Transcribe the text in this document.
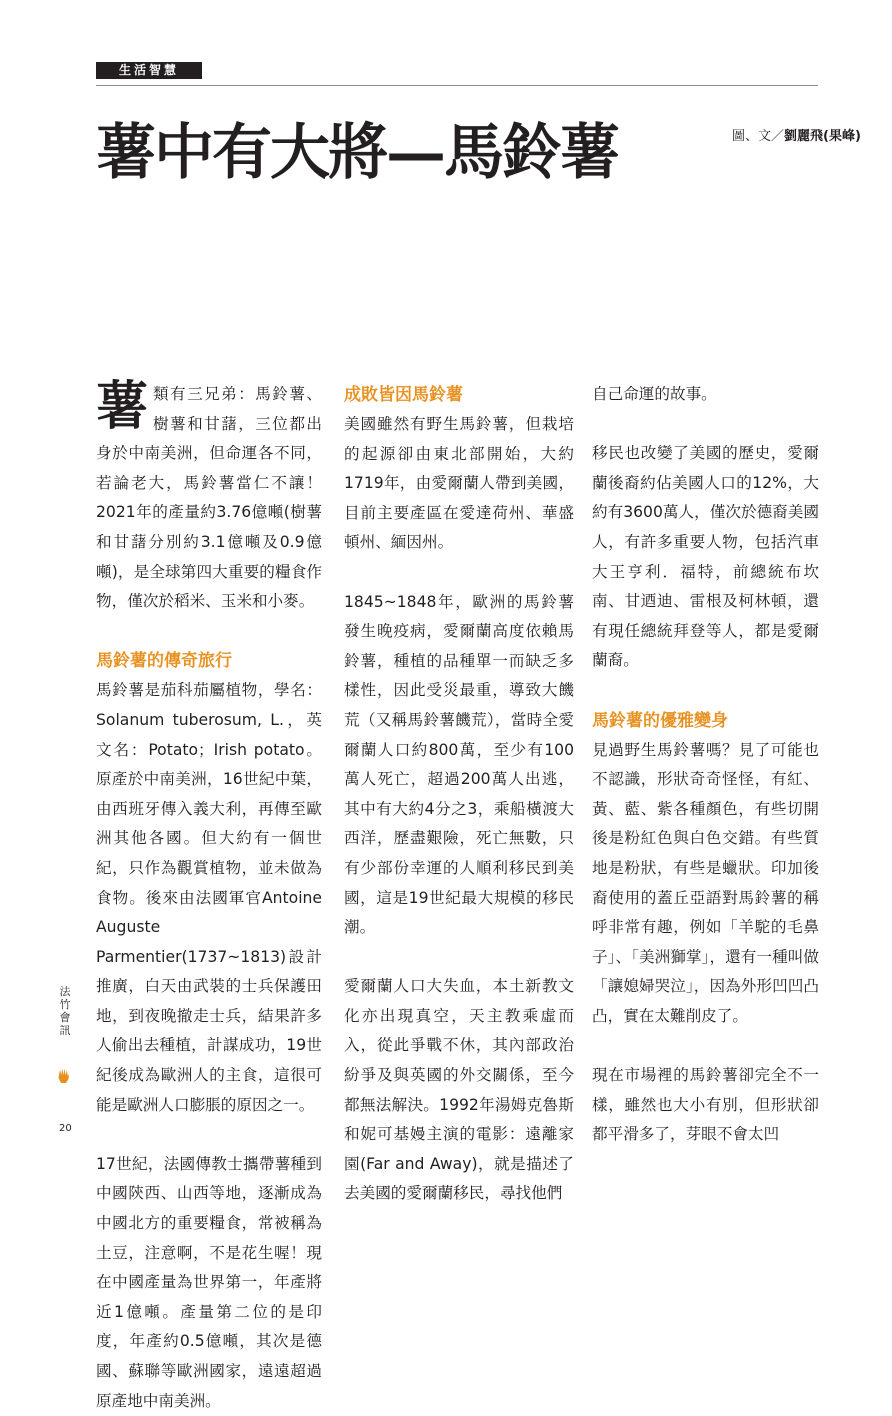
生活智慧
薯中有大將—馬鈴薯	圖、文／劉麗飛(果峰)

薯類有三兄弟：馬鈴薯、樹薯和甘藷，三位都出身於中南美洲，但命運各不同，若論老大，馬鈴薯當仁不讓！2021年的產量約3.76億噸(樹薯和甘藷分別約3.1億噸及0.9億噸)，是全球第四大重要的糧食作物，僅次於稻米、玉米和小麥。

馬鈴薯的傳奇旅行

馬鈴薯是茄科茄屬植物，學名：Solanum tuberosum, L.，英文名：Potato；Irish potato。原產於中南美洲，16世紀中葉，由西班牙傳入義大利，再傳至歐洲其他各國。但大約有一個世紀，只作為觀賞植物，並未做為食物。後來由法國軍官Antoine Auguste Parmentier(1737~1813)設計推廣，白天由武裝的士兵保護田地，到夜晚撤走士兵，結果許多人偷出去種植，計謀成功，19世紀後成為歐洲人的主食，這很可能是歐洲人口膨脹的原因之一。

17世紀，法國傳教士攜帶薯種到中國陝西、山西等地，逐漸成為中國北方的重要糧食，常被稱為土豆，注意啊，不是花生喔！現在中國產量為世界第一，年產將近1億噸。產量第二位的是印度，年產約0.5億噸，其次是德國、蘇聯等歐洲國家，遠遠超過原產地中南美洲。

成敗皆因馬鈴薯

美國雖然有野生馬鈴薯，但栽培的起源卻由東北部開始，大約1719年，由愛爾蘭人帶到美國，目前主要產區在愛達荷州、華盛頓州、緬因州。

1845~1848年，歐洲的馬鈴薯發生晚疫病，愛爾蘭高度依賴馬鈴薯，種植的品種單一而缺乏多樣性，因此受災最重，導致大饑荒（又稱馬鈴薯饑荒），當時全愛爾蘭人口約800萬，至少有100萬人死亡，超過200萬人出逃，其中有大約4分之3，乘船橫渡大西洋，歷盡艱險，死亡無數，只有少部份幸運的人順利移民到美國，這是19世紀最大規模的移民潮。

愛爾蘭人口大失血，本土新教文化亦出現真空，天主教乘虛而入，從此爭戰不休，其內部政治紛爭及與英國的外交關係，至今都無法解決。1992年湯姆克魯斯和妮可基嫚主演的電影：遠離家園(Far and Away)，就是描述了去美國的愛爾蘭移民，尋找他們

自己命運的故事。

移民也改變了美國的歷史，愛爾蘭後裔約佔美國人口的12%，大約有3600萬人，僅次於德裔美國人，有許多重要人物，包括汽車大王亨利．福特，前總統布坎南、甘迺迪、雷根及柯林頓，還有現任總統拜登等人，都是愛爾蘭裔。

馬鈴薯的優雅變身

見過野生馬鈴薯嗎？見了可能也不認識，形狀奇奇怪怪，有紅、黃、藍、紫各種顏色，有些切開後是粉紅色與白色交錯。有些質地是粉狀，有些是蠟狀。印加後裔使用的蓋丘亞語對馬鈴薯的稱呼非常有趣，例如「羊駝的毛鼻子」、「美洲獅掌」，還有一種叫做「讓媳婦哭泣」，因為外形凹凹凸凸，實在太難削皮了。

現在市場裡的馬鈴薯卻完全不一樣，雖然也大小有別，但形狀卻都平滑多了，芽眼不會太凹

法
竹
會
訊
20
